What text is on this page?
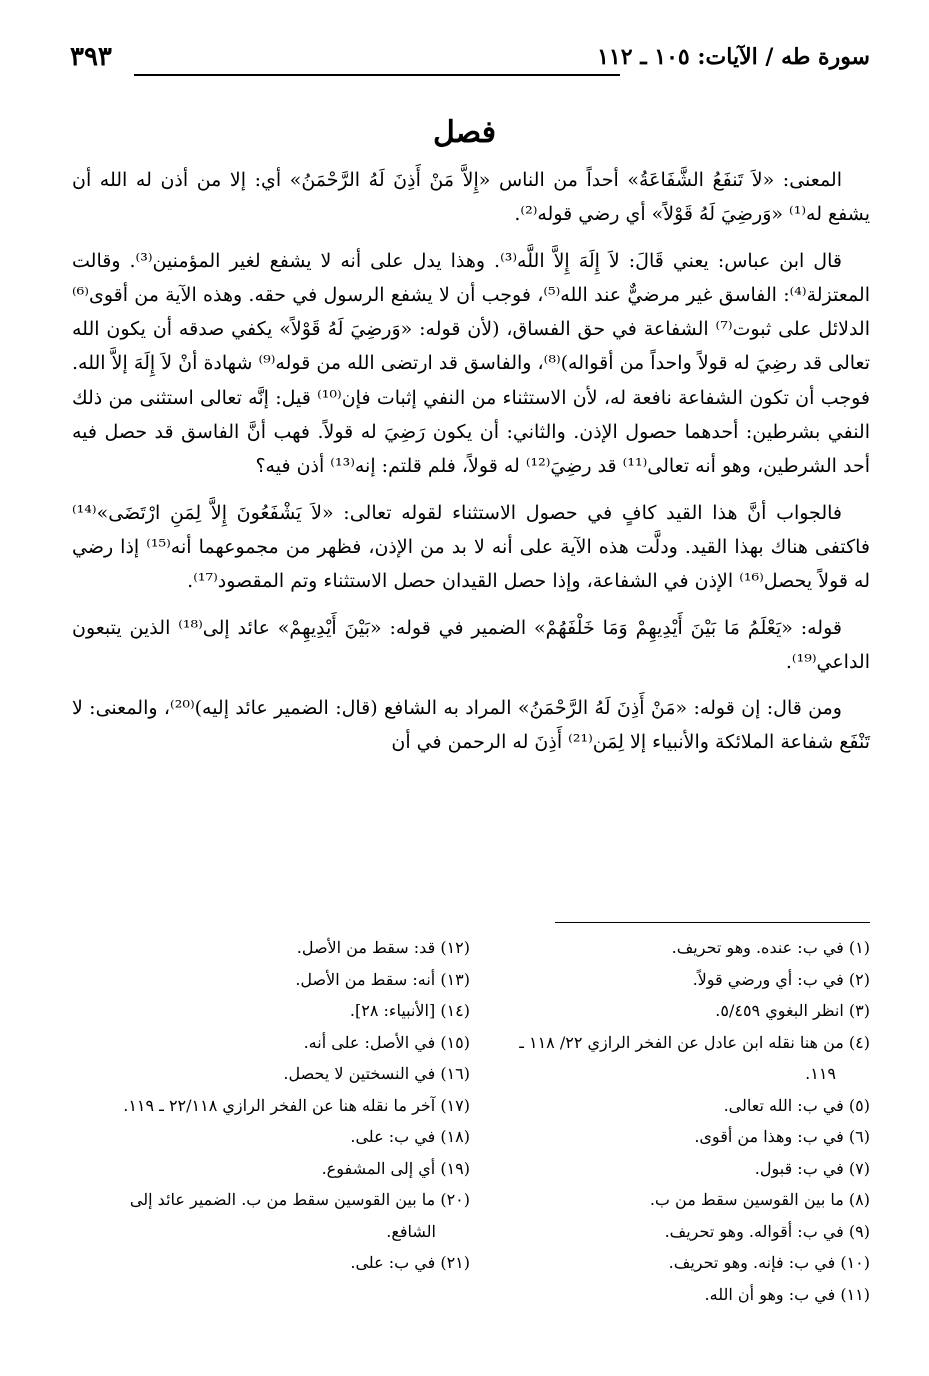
سورة طه / الآيات: ١٠٥ ـ ١١٢
٣٩٣
فصل

المعنى: «لاَ تَنفَعُ الشَّفَاعَةُ» أحداً من الناس «إِلاَّ مَنْ أَذِنَ لَهُ الرَّحْمَنُ» أي: إلا من أذن له الله أن يشفع له⁽¹⁾ «وَرضِيَ لَهُ قَوْلاً» أي رضي قوله⁽²⁾.

قال ابن عباس: يعني قَالَ: لاَ إِلَهَ إِلاَّ اللَّه⁽³⁾. وهذا يدل على أنه لا يشفع لغير المؤمنين⁽³⁾. وقالت المعتزلة⁽⁴⁾: الفاسق غير مرضيٌّ عند الله⁽⁵⁾، فوجب أن لا يشفع الرسول في حقه. وهذه الآية من أقوى⁽⁶⁾ الدلائل على ثبوت⁽⁷⁾ الشفاعة في حق الفساق، (لأن قوله: «وَرضِيَ لَهُ قَوْلاً» يكفي صدقه أن يكون الله تعالى قد رضِيَ له قولاً واحداً من أقواله)⁽⁸⁾، والفاسق قد ارتضى الله من قوله⁽⁹⁾ شهادة أنْ لاَ إِلَهَ إلاَّ الله. فوجب أن تكون الشفاعة نافعة له، لأن الاستثناء من النفي إثبات فإن⁽¹⁰⁾ قيل: إنَّه تعالى استثنى من ذلك النفي بشرطين: أحدهما حصول الإذن. والثاني: أن يكون رَضِيَ له قولاً. فهب أنَّ الفاسق قد حصل فيه أحد الشرطين، وهو أنه تعالى⁽¹¹⁾ قد رضِيَ⁽¹²⁾ له قولاً، فلم قلتم: إنه⁽¹³⁾ أذن فيه؟

فالجواب أنَّ هذا القيد كافٍ في حصول الاستثناء لقوله تعالى: «لاَ يَشْفَعُونَ إِلاَّ لِمَنِ ارْتَضَى»⁽¹⁴⁾ فاكتفى هناك بهذا القيد. ودلَّت هذه الآية على أنه لا بد من الإذن، فظهر من مجموعهما أنه⁽¹⁵⁾ إذا رضي له قولاً يحصل⁽¹⁶⁾ الإذن في الشفاعة، وإذا حصل القيدان حصل الاستثناء وتم المقصود⁽¹⁷⁾.

قوله: «يَعْلَمُ مَا بَيْنَ أَيْدِيهِمْ وَمَا خَلْفَهُمْ» الضمير في قوله: «بَيْنَ أَيْدِيهِمْ» عائد إلى⁽¹⁸⁾ الذين يتبعون الداعي⁽¹⁹⁾.

ومن قال: إن قوله: «مَنْ أَذِنَ لَهُ الرَّحْمَنُ» المراد به الشافع (قال: الضمير عائد إليه)⁽²⁰⁾، والمعنى: لا تَنْفَع شفاعة الملائكة والأنبياء إلا لِمَن⁽²¹⁾ أَذِنَ له الرحمن في أن

(١) في ب: عنده. وهو تحريف.

(٢) في ب: أي ورضي قولاً.

(٣) انظر البغوي ٥/٤٥٩.

(٤) من هنا نقله ابن عادل عن الفخر الرازي ٢٢/ ١١٨ ـ ١١٩.

(٥) في ب: الله تعالى.

(٦) في ب: وهذا من أقوى.

(٧) في ب: قبول.

(٨) ما بين القوسين سقط من ب.

(٩) في ب: أقواله. وهو تحريف.

(١٠) في ب: فإنه. وهو تحريف.

(١١) في ب: وهو أن الله.

(١٢) قد: سقط من الأصل.

(١٣) أنه: سقط من الأصل.

(١٤) [الأنبياء: ٢٨].

(١٥) في الأصل: على أنه.

(١٦) في النسختين لا يحصل.

(١٧) آخر ما نقله هنا عن الفخر الرازي ٢٢/١١٨ ـ ١١٩.

(١٨) في ب: على.

(١٩) أي إلى المشفوع.

(٢٠) ما بين القوسين سقط من ب. الضمير عائد إلى الشافع.

(٢١) في ب: على.
